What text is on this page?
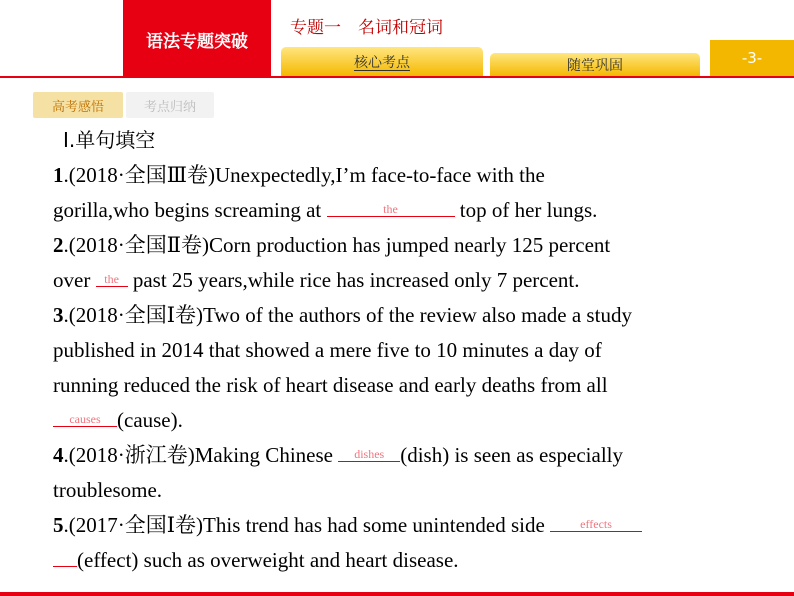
语法专题突破
专题一　名词和冠词
核心考点	随堂巩固	-3-
高考感悟	考点归纳
Ⅰ.单句填空
1.(2018·全国Ⅲ卷)Unexpectedly,I’m face-to-face with the
gorilla,who begins screaming at	the	top of her lungs.
2.(2018·全国Ⅱ卷)Corn production has jumped nearly 125 percent
over the past 25 years,while rice has increased only 7 percent.
3.(2018·全国Ⅰ卷)Two of the authors of the review also made a study
published in 2014 that showed a mere five to 10 minutes a day of
running reduced the risk of heart disease and early deaths from all
causes (cause).
4.(2018·浙江卷)Making Chinese dishes (dish) is seen as especially
troublesome.
5.(2017·全国Ⅰ卷)This trend has had some unintended side	effects
(effect) such as overweight and heart disease.
